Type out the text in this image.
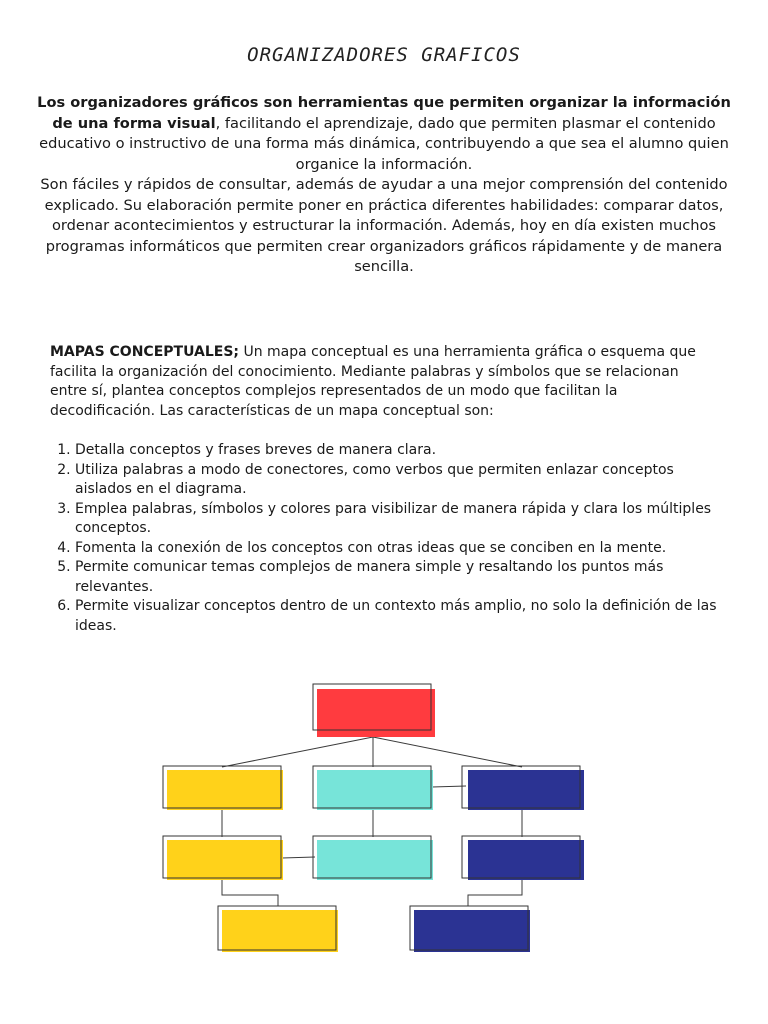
ORGANIZADORES GRAFICOS

Los organizadores gráficos son herramientas que permiten organizar la información de una forma visual, facilitando el aprendizaje, dado que permiten plasmar el contenido educativo o instructivo de una forma más dinámica, contribuyendo a que sea el alumno quien organice la información.

Son fáciles y rápidos de consultar, además de ayudar a una mejor comprensión del contenido explicado. Su elaboración permite poner en práctica diferentes habilidades: comparar datos, ordenar acontecimientos y estructurar la información. Además, hoy en día existen muchos programas informáticos que permiten crear organizadors gráficos rápidamente y de manera sencilla.

MAPAS CONCEPTUALES; Un mapa conceptual es una herramienta gráfica o esquema que facilita la organización del conocimiento. Mediante palabras y símbolos que se relacionan entre sí, plantea conceptos complejos representados de un modo que facilitan la decodificación. Las características de un mapa conceptual son:

1. Detalla conceptos y frases breves de manera clara.
2. Utiliza palabras a modo de conectores, como verbos que permiten enlazar conceptos aislados en el diagrama.
3. Emplea palabras, símbolos y colores para visibilizar de manera rápida y clara los múltiples conceptos.
4. Fomenta la conexión de los conceptos con otras ideas que se conciben en la mente.
5. Permite comunicar temas complejos de manera simple y resaltando los puntos más relevantes.
6. Permite visualizar conceptos dentro de un contexto más amplio, no solo la definición de las ideas.
